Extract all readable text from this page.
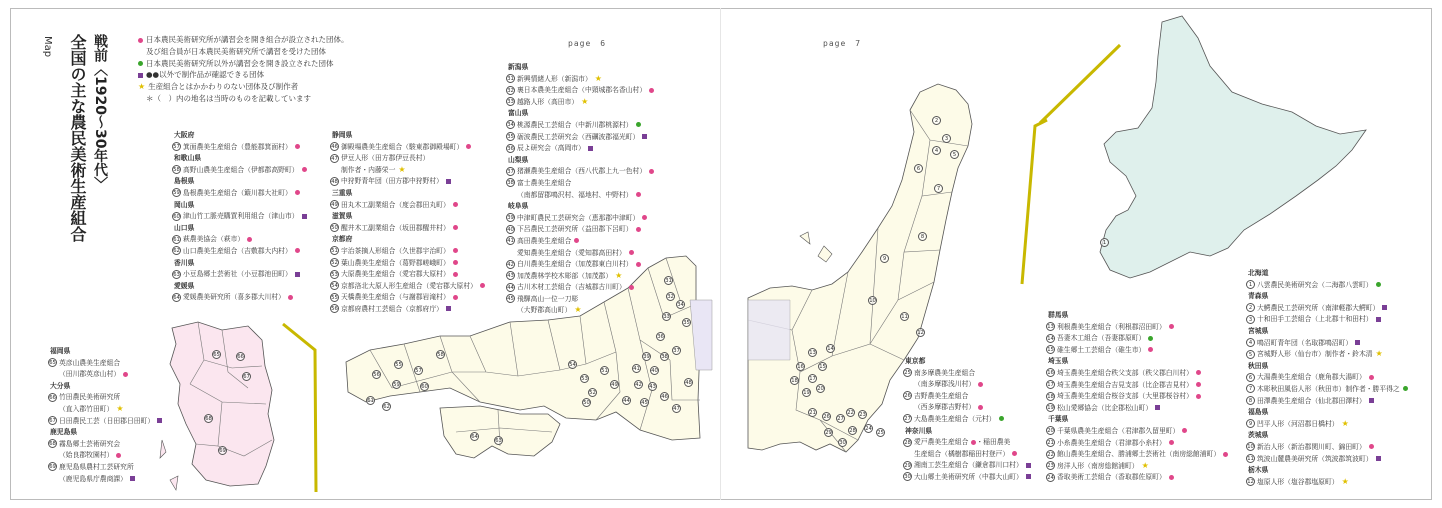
page　6	page　7
戦前〈1920〜30年代〉
全国の主な農民美術生産組合
Map	日本農民美術研究所が講習会を開き組合が設立された団体。
及び組合員が日本農民美術研究所で講習を受けた団体
日本農民美術研究所以外が講習会を開き設立された団体
●●以外で制作品が確認できる団体
★ 生産組合とはかかわりのない団体及び制作者
＊（　）内の地名は当時のものを記載しています
大阪府
57 箕面農美生産組合（豊能郡箕面村）
和歌山県
58 高野山農美生産組合（伊都郡高野町）
島根県
59 島根農美生産組合（簸川郡大社町）
岡山県
60 津山竹工脈売購買利用組合（津山市）
山口県
61 萩農美協会（萩市）
62 山口農美生産組合（吉敷郡大内村）
香川県
63 小豆島郷土芸術社（小豆郡池田町）
愛媛県
64 愛媛農美研究所（喜多郡大川村）
静岡県
46 御殿場農美生産組合（駿東郡御殿場町）
47 伊豆人形（田方郡伊豆長村）
制作者・内藤栄一 ★
48 中狩野青年団（田方郡中狩野村）
三重県
49 田丸木工副業組合（度会郡田丸町）
滋賀県
50 醒井木工副業組合（坂田郡醒井村）
京都府
51 宇治茶摘人形組合（久世郡宇治町）
52 葉山農美生産組合（葛野郡嵯峨町）
53 大原農美生産組合（愛宕郡大原村）
54 京都洛北大原人形生産組合（愛宕郡大原村）
55 天橋農美生産組合（与謝郡岩滝村）
56 京都府農村工芸組合（京都府庁）
新潟県
31 新興情緒人形（新潟市） ★
32 裏日本農美生産組合（中頸城郡名香山村）
33 越路人形（高田市） ★
富山県
34 桃源農民工芸組合（中新川郡桃源村）
35 砺波農民工芸研究会（西礪波郡福光町）
36 辰よ研究会（高岡市）
山梨県
37 猪瀬農美生産組合（西八代郡上九一色村）
38 富士農美生産組合
（南都留郡鳴沢村、福地村、中野村）
岐阜県
39 中津町農民工芸研究会（恵那郡中津町）
40 下呂農民工芸研究所（益田郡下呂町）
41 高田農美生産組合
愛知農美生産組合（愛知郡高田村）
42 白川農美生産組合（加茂郡東白川村）
43 加茂農林学校木彫部（加茂郡） ★
44 古川木材工芸組合（吉城郡古川町）
45 飛騨高山一位一刀彫
（大野郡高山町） ★
福岡県
65 英彦山農美生産組合
（田川郡英彦山村）
大分県
66 竹田農民美術研究所
（直入郡竹田町） ★
67 日田農民工芸（日田郡日田町）
鹿児島県
68 霧島郷土芸術研究会
（姶良郡牧園村）
69 鹿児島県農村工芸研究所
（鹿児島県庁農商課）
東京都
25 南多摩農美生産組合
（南多摩郡浅川村）
26 吉野農美生産組合
（西多摩郡吉野村）
27 大島農美生産組合（元村）
神奈川県
28 愛戸農美生産組合 ・稲田農美
生産組合（橘樹郡稲田村登戸）
29 湘南工芸生産組合（鎌倉郡川口村）
30 大山郷土美術研究所（中郡大山町）
群馬県
13 利根農美生産組合（利根郡沼田町）
14 吾妻木工組合（吾妻郡原町）
15 碓生郷土工芸組合（碓生市）
埼玉県
16 埼玉農美生産組合秩父支部（秩父郡白川村）
17 埼玉農美生産組合吉見支部（比企郡吉見村）
18 埼玉農美生産組合桜谷支部（大里郡桜谷村）
19 松山愛郷協会（比企郡松山町）
千葉県
20 千葉県農美生産組合（君津郡久留里町）
21 小糸農美生産組合（君津郡小糸村）
22 館山農美生産組合、勝浦郷土芸術社（南房総館浦町）
23 房洋人形（南房総館浦町） ★
24 香取美術工芸組合（香取郡佐原町）
北海道
1 八雲農民美術研究会（二海郡八雲町）
青森県
2 大鰐農民工芸研究所（南津軽郡大鰐町）
3 十和田手工芸組合（上北郡十和田村）
宮城県
4 鳴沼町青年団（名取郡鳴沼町）
5 宮城野人形（仙台市）制作者・鈴木清 ★
秋田県
6 大湯農美生産組合（鹿角郡大湯町）
7 木彫秋田風俗人形（秋田市）制作者・勝平得之
8 田澤農美生産組合（仙北郡田澤村）
福島県
9 凹平人形（河沼郡日橋村） ★
茨城県
10 新治人形（新治郡関川町、錦田町）
11 筑波山麓農美研究所（筑波郡筑波町）
栃木県
12 塩原人形（塩谷郡塩原町） ★
65	66
67
68
69
56
55
57
58
59	60
61
62
63
64
54
53
52
51
50
49
31
32
33
34
35
36
37
38
39
40
41
42 43
44 45
46
47
48
2
3
4
5
6
7
8
9
10
11
12
13
14
15
16
17
18
19
20
21	22 23
24
25
26 27
28
29
30
1
